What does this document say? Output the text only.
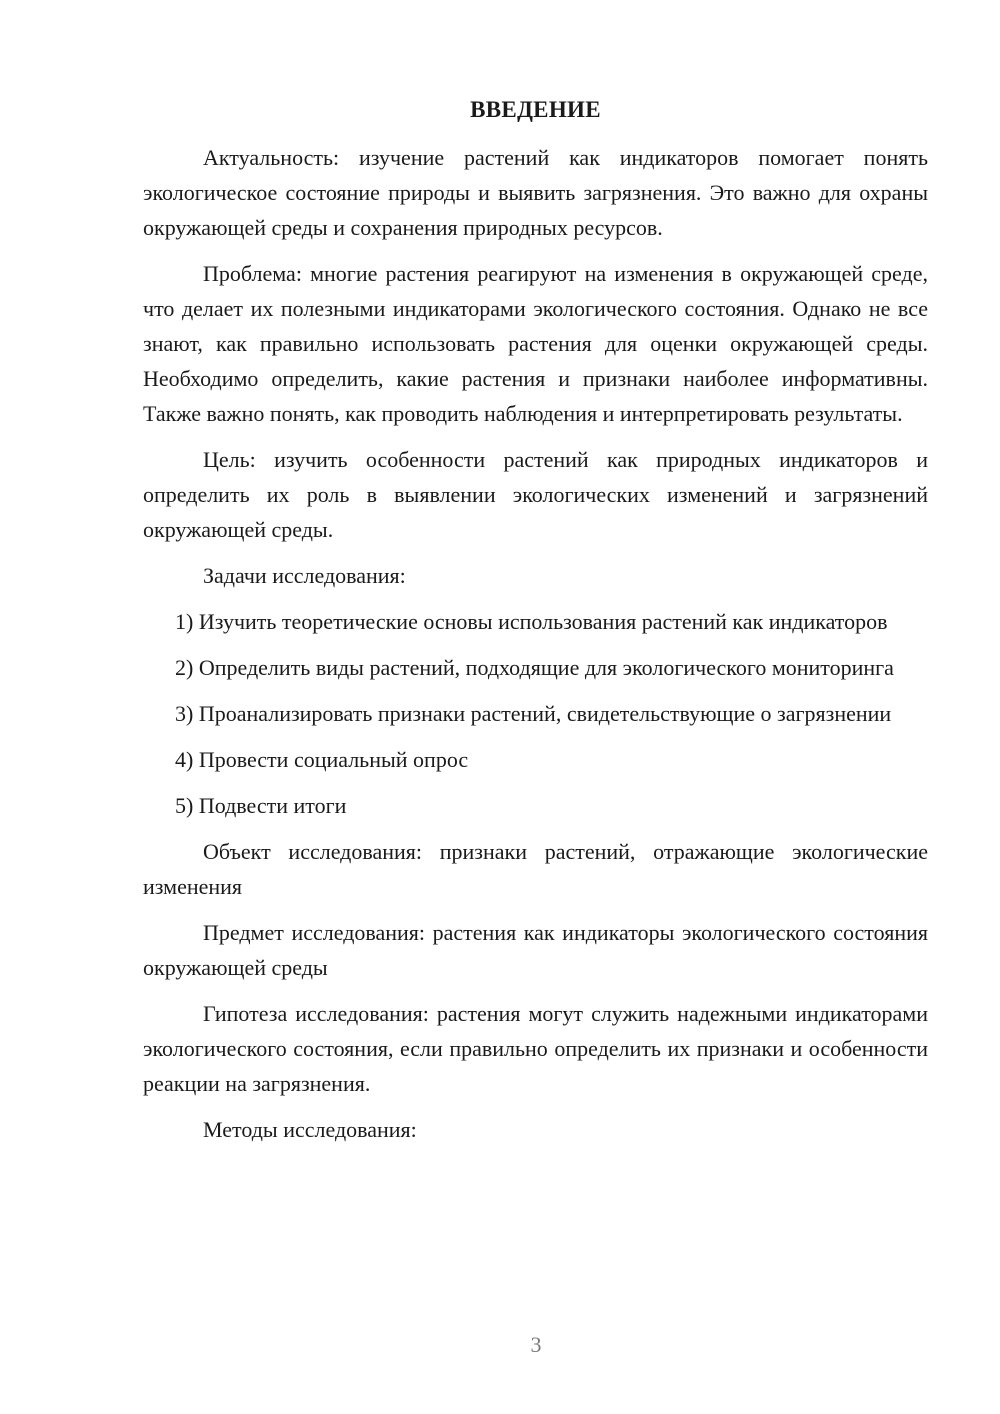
ВВЕДЕНИЕ

Актуальность: изучение растений как индикаторов помогает понять экологическое состояние природы и выявить загрязнения. Это важно для охраны окружающей среды и сохранения природных ресурсов.

Проблема: многие растения реагируют на изменения в окружающей среде, что делает их полезными индикаторами экологического состояния. Однако не все знают, как правильно использовать растения для оценки окружающей среды. Необходимо определить, какие растения и признаки наиболее информативны. Также важно понять, как проводить наблюдения и интерпретировать результаты.

Цель: изучить особенности растений как природных индикаторов и определить их роль в выявлении экологических изменений и загрязнений окружающей среды.

Задачи исследования:

1) Изучить теоретические основы использования растений как индикаторов

2) Определить виды растений, подходящие для экологического мониторинга

3) Проанализировать признаки растений, свидетельствующие о загрязнении

4) Провести социальный опрос

5) Подвести итоги

Объект исследования: признаки растений, отражающие экологические изменения

Предмет исследования: растения как индикаторы экологического состояния окружающей среды

Гипотеза исследования: растения могут служить надежными индикаторами экологического состояния, если правильно определить их признаки и особенности реакции на загрязнения.

Методы исследования:

3
